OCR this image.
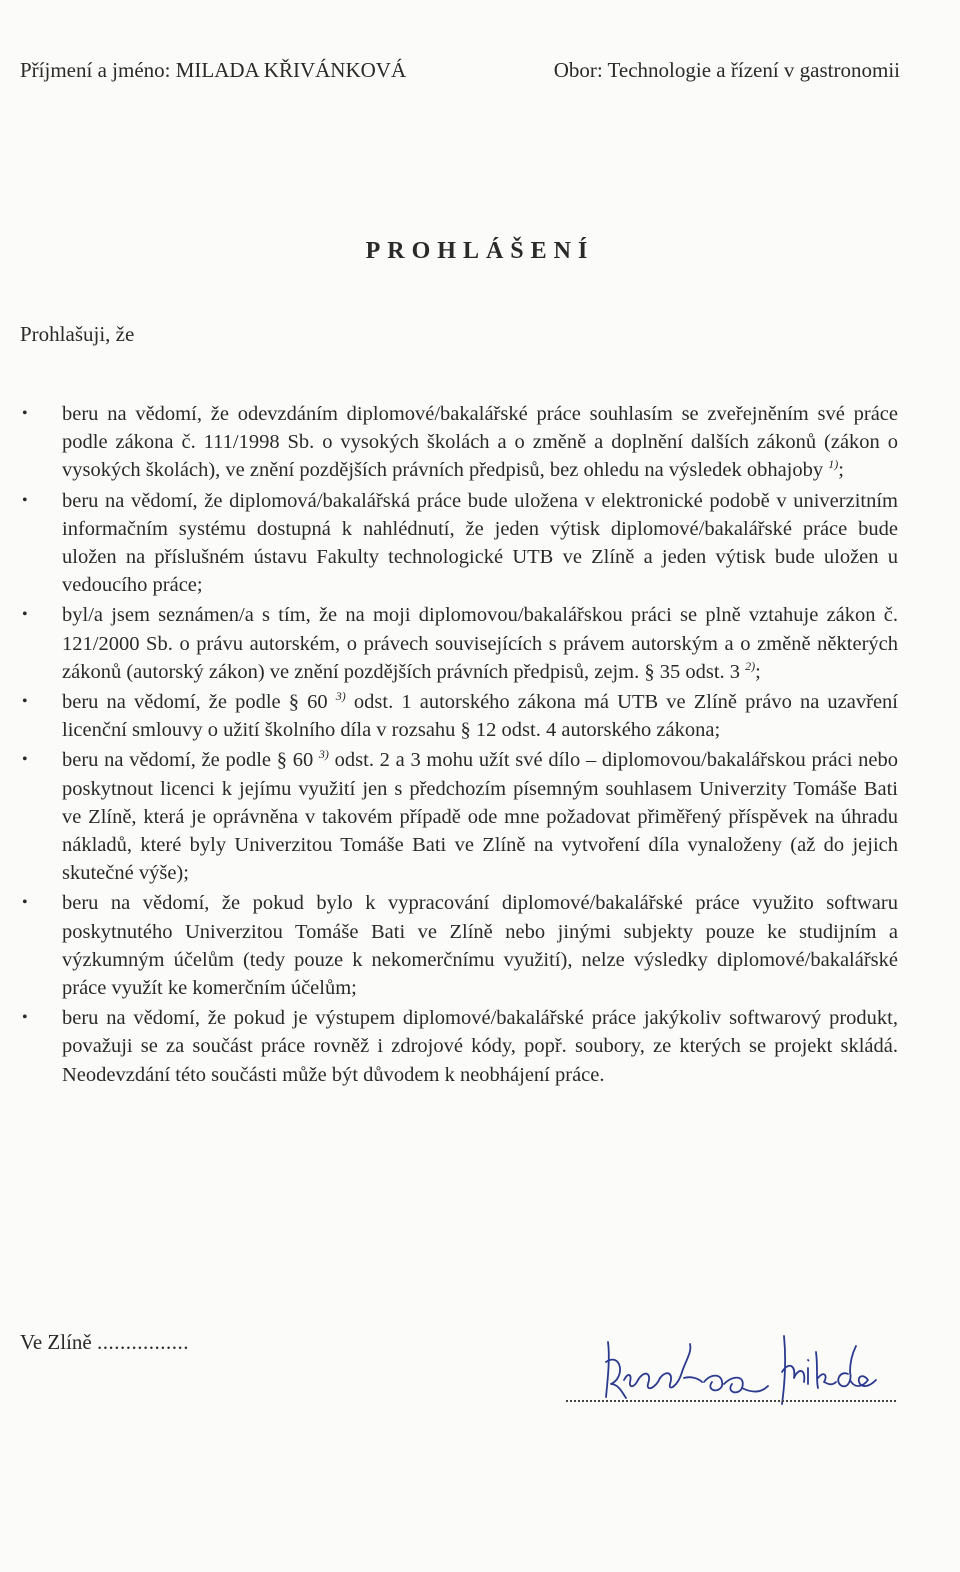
Příjmení a jméno: MILADA KŘIVÁNKOVÁ	Obor: Technologie a řízení v gastronomii
PROHLÁŠENÍ
Prohlašuji, že
• beru na vědomí, že odevzdáním diplomové/bakalářské práce souhlasím se zveřejněním své práce podle zákona č. 111/1998 Sb. o vysokých školách a o změně a doplnění dalších zákonů (zákon o vysokých školách), ve znění pozdějších právních předpisů, bez ohledu na výsledek obhajoby $^{1)}$;
• beru na vědomí, že diplomová/bakalářská práce bude uložena v elektronické podobě v univerzitním informačním systému dostupná k nahlédnutí, že jeden výtisk diplomové/bakalářské práce bude uložen na příslušném ústavu Fakulty technologické UTB ve Zlíně a jeden výtisk bude uložen u vedoucího práce;
• byl/a jsem seznámen/a s tím, že na moji diplomovou/bakalářskou práci se plně vztahuje zákon č. 121/2000 Sb. o právu autorském, o právech souvisejících s právem autorským a o změně některých zákonů (autorský zákon) ve znění pozdějších právních předpisů, zejm. § 35 odst. 3 $^{2)}$;
• beru na vědomí, že podle § 60 $^{3)}$ odst. 1 autorského zákona má UTB ve Zlíně právo na uzavření licenční smlouvy o užití školního díla v rozsahu § 12 odst. 4 autorského zákona;
• beru na vědomí, že podle § 60 $^{3)}$ odst. 2 a 3 mohu užít své dílo – diplomovou/bakalářskou práci nebo poskytnout licenci k jejímu využití jen s předchozím písemným souhlasem Univerzity Tomáše Bati ve Zlíně, která je oprávněna v takovém případě ode mne požadovat přiměřený příspěvek na úhradu nákladů, které byly Univerzitou Tomáše Bati ve Zlíně na vytvoření díla vynaloženy (až do jejich skutečné výše);
• beru na vědomí, že pokud bylo k vypracování diplomové/bakalářské práce využito softwaru poskytnutého Univerzitou Tomáše Bati ve Zlíně nebo jinými subjekty pouze ke studijním a výzkumným účelům (tedy pouze k nekomerčnímu využití), nelze výsledky diplomové/bakalářské práce využít ke komerčním účelům;
• beru na vědomí, že pokud je výstupem diplomové/bakalářské práce jakýkoliv softwarový produkt, považuji se za součást práce rovněž i zdrojové kódy, popř. soubory, ze kterých se projekt skládá. Neodevzdání této součásti může být důvodem k neobhájení práce.
Ve Zlíně ................
